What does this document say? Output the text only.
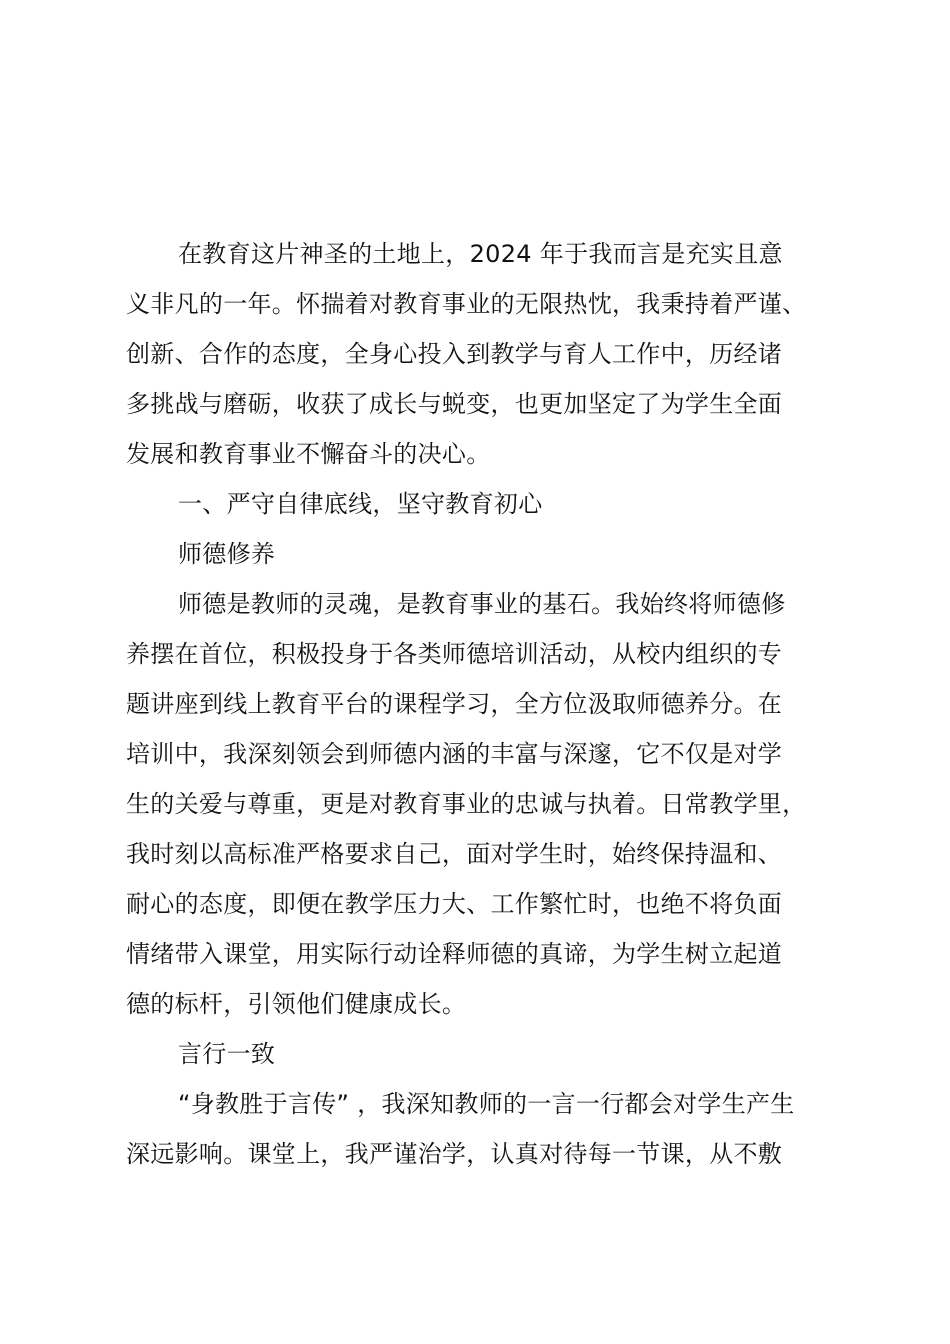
在教育这片神圣的土地上，2024 年于我而言是充实且意
义非凡的一年。怀揣着对教育事业的无限热忱，我秉持着严谨、
创新、合作的态度，全身心投入到教学与育人工作中，历经诸
多挑战与磨砺，收获了成长与蜕变，也更加坚定了为学生全面
发展和教育事业不懈奋斗的决心。
一、严守自律底线，坚守教育初心
师德修养
师德是教师的灵魂，是教育事业的基石。我始终将师德修
养摆在首位，积极投身于各类师德培训活动，从校内组织的专
题讲座到线上教育平台的课程学习，全方位汲取师德养分。在
培训中，我深刻领会到师德内涵的丰富与深邃，它不仅是对学
生的关爱与尊重，更是对教育事业的忠诚与执着。日常教学里，
我时刻以高标准严格要求自己，面对学生时，始终保持温和、
耐心的态度，即便在教学压力大、工作繁忙时，也绝不将负面
情绪带入课堂，用实际行动诠释师德的真谛，为学生树立起道
德的标杆，引领他们健康成长。
言行一致
“身教胜于言传” ，我深知教师的一言一行都会对学生产生
深远影响。课堂上，我严谨治学，认真对待每一节课，从不敷
